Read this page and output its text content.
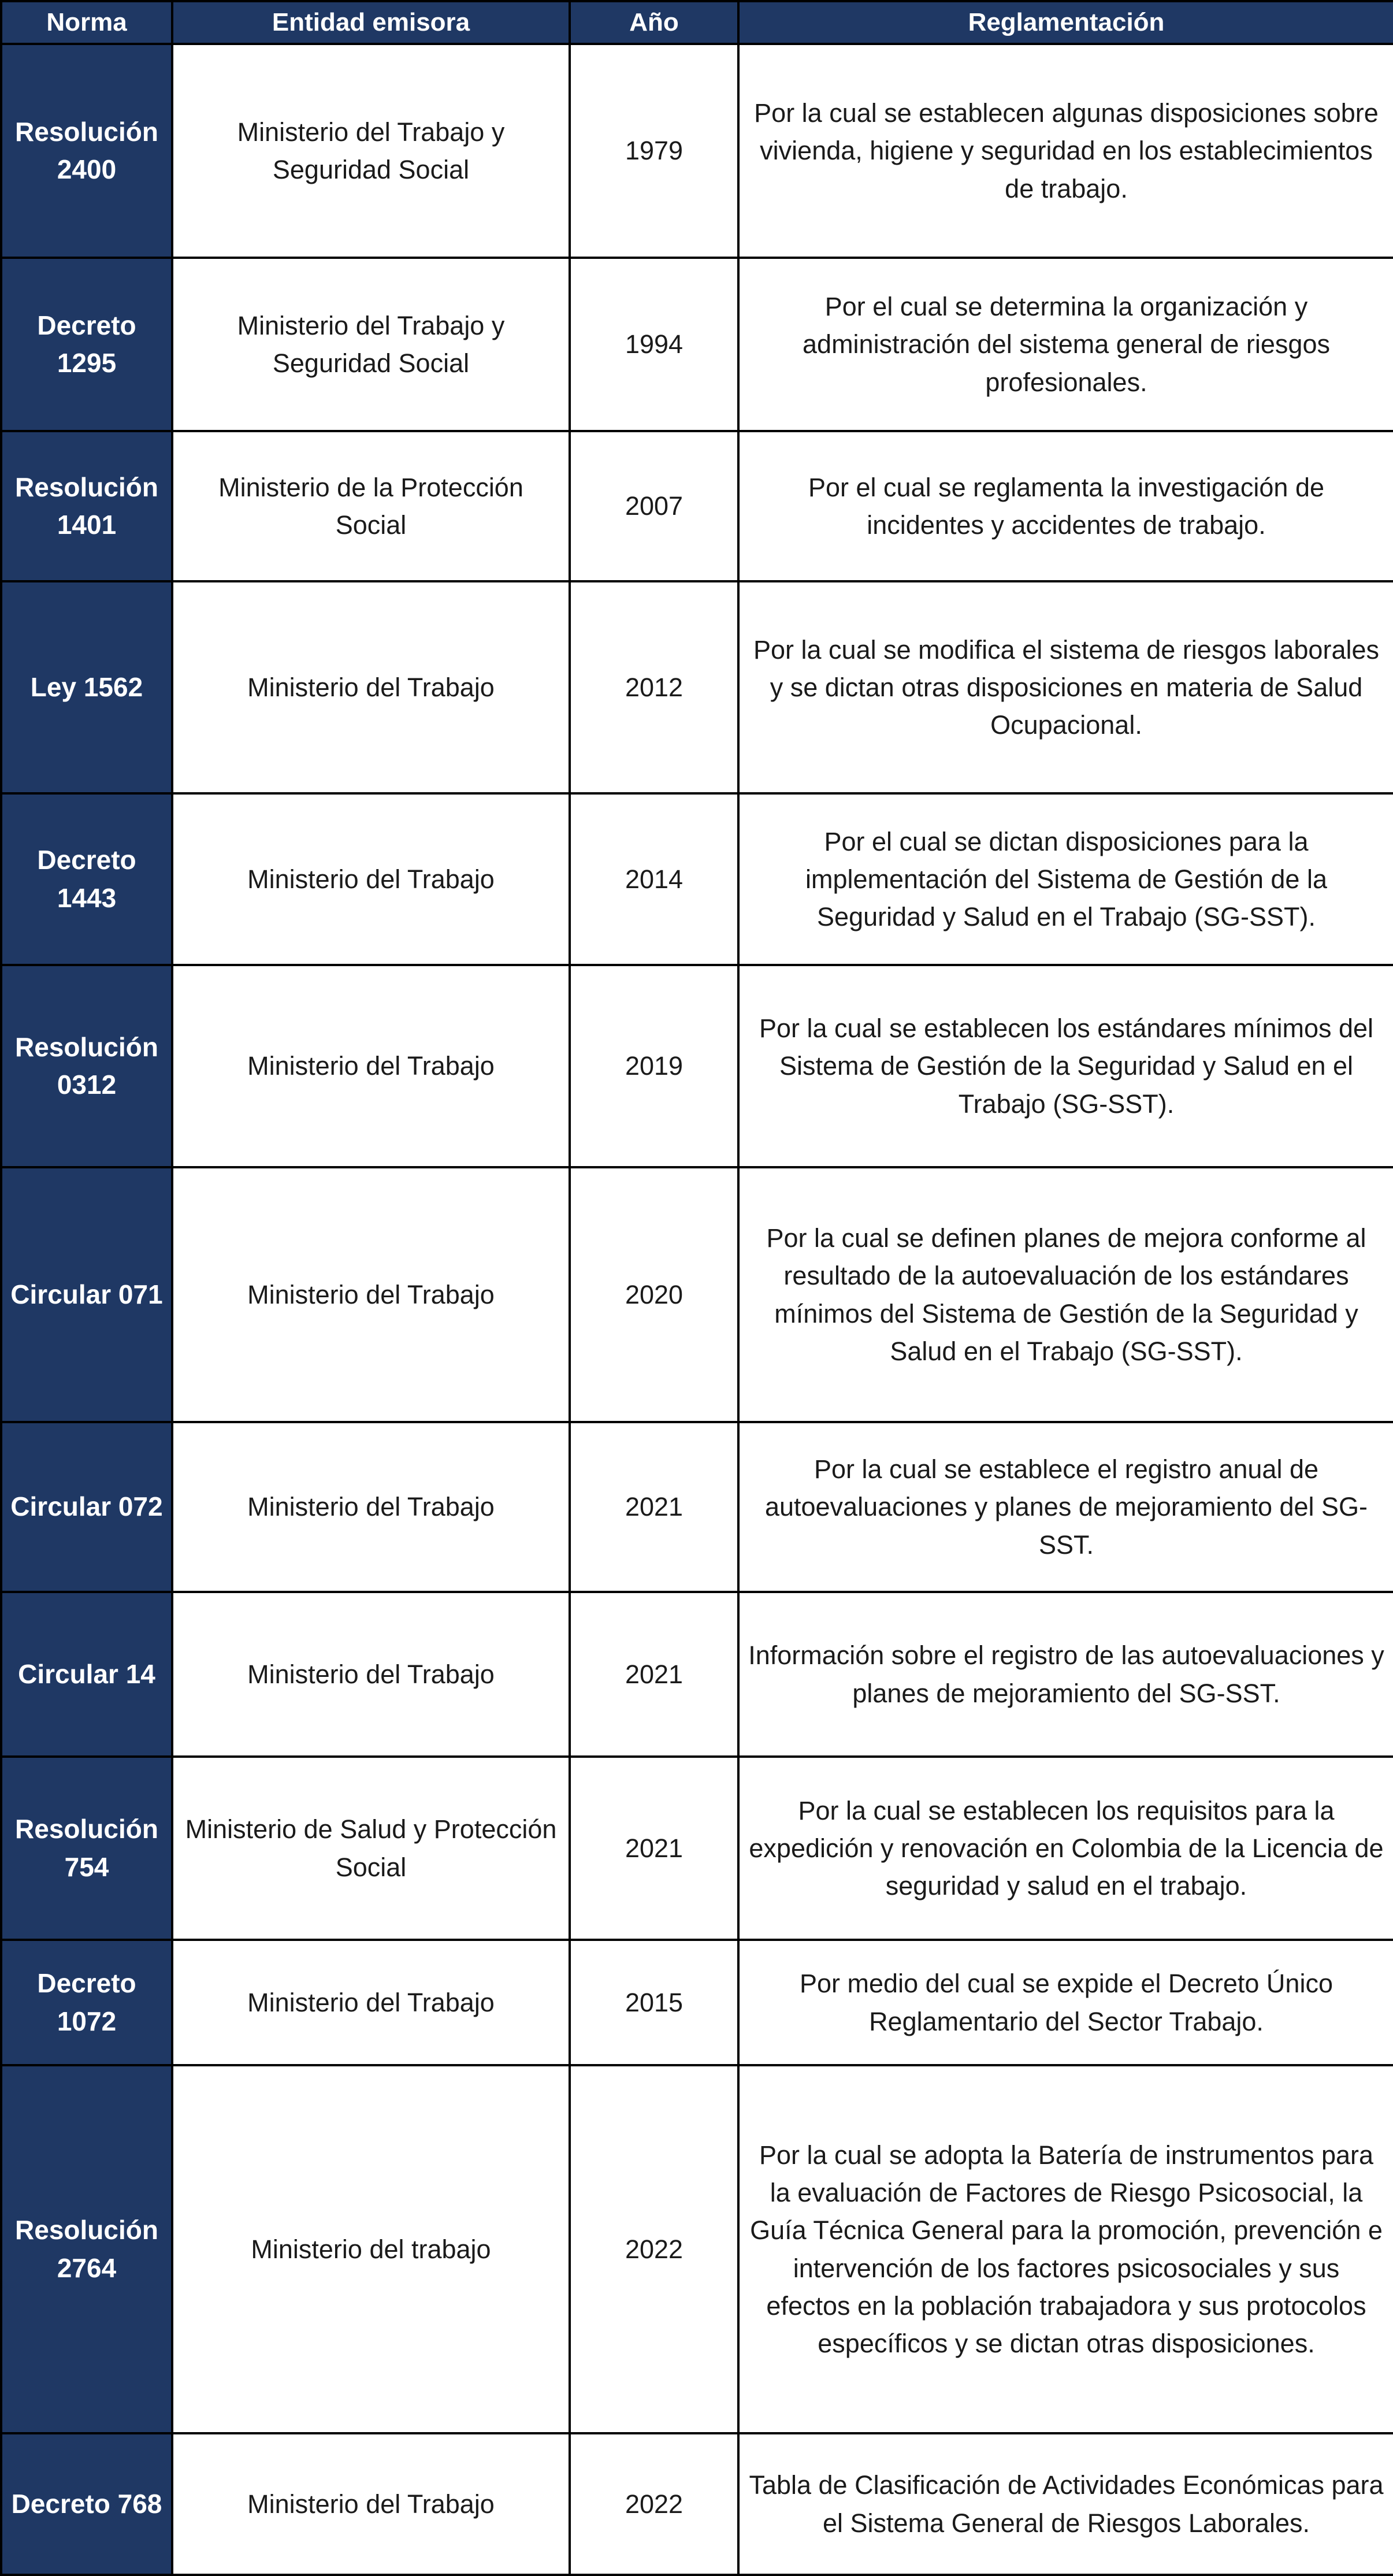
Norma	Entidad emisora	Año	Reglamentación
Resolución 2400	Ministerio del Trabajo y Seguridad Social	1979	Por la cual se establecen algunas disposiciones sobre vivienda, higiene y seguridad en los establecimientos de trabajo.
Decreto 1295	Ministerio del Trabajo y Seguridad Social	1994	Por el cual se determina la organización y administración del sistema general de riesgos profesionales.
Resolución 1401	Ministerio de la Protección Social	2007	Por el cual se reglamenta la investigación de incidentes y accidentes de trabajo.
Ley 1562	Ministerio del Trabajo	2012	Por la cual se modifica el sistema de riesgos laborales y se dictan otras disposiciones en materia de Salud Ocupacional.
Decreto 1443	Ministerio del Trabajo	2014	Por el cual se dictan disposiciones para la implementación del Sistema de Gestión de la Seguridad y Salud en el Trabajo (SG-SST).
Resolución 0312	Ministerio del Trabajo	2019	Por la cual se establecen los estándares mínimos del Sistema de Gestión de la Seguridad y Salud en el Trabajo (SG-SST).
Circular 071	Ministerio del Trabajo	2020	Por la cual se definen planes de mejora conforme al resultado de la autoevaluación de los estándares mínimos del Sistema de Gestión de la Seguridad y Salud en el Trabajo (SG-SST).
Circular 072	Ministerio del Trabajo	2021	Por la cual se establece el registro anual de autoevaluaciones y planes de mejoramiento del SG-SST.
Circular 14	Ministerio del Trabajo	2021	Información sobre el registro de las autoevaluaciones y planes de mejoramiento del SG-SST.
Resolución 754	Ministerio de Salud y Protección Social	2021	Por la cual se establecen los requisitos para la expedición y renovación en Colombia de la Licencia de seguridad y salud en el trabajo.
Decreto 1072	Ministerio del Trabajo	2015	Por medio del cual se expide el Decreto Único Reglamentario del Sector Trabajo.
Resolución 2764	Ministerio del trabajo	2022	Por la cual se adopta la Batería de instrumentos para la evaluación de Factores de Riesgo Psicosocial, la Guía Técnica General para la promoción, prevención e intervención de los factores psicosociales y sus efectos en la población trabajadora y sus protocolos específicos y se dictan otras disposiciones.
Decreto 768	Ministerio del Trabajo	2022	Tabla de Clasificación de Actividades Económicas para el Sistema General de Riesgos Laborales.
